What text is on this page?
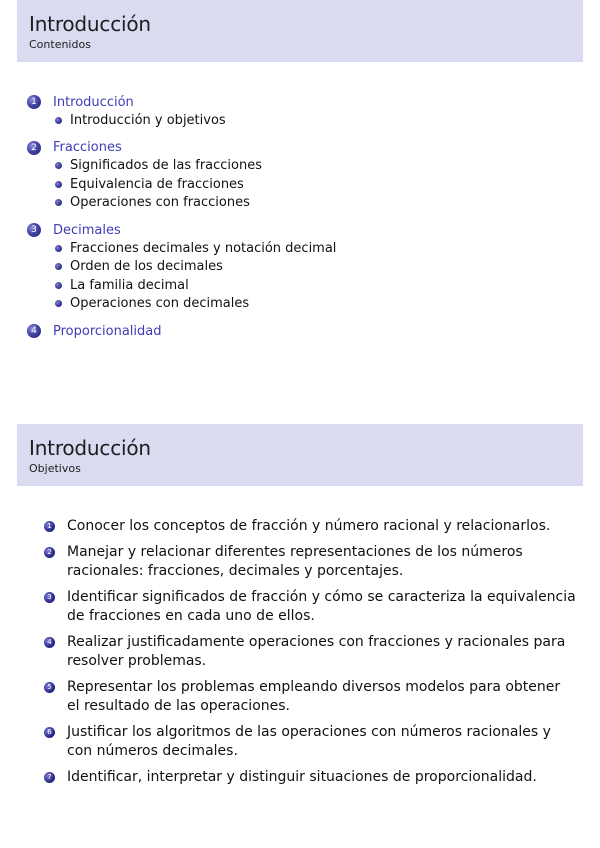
Introducción
Contenidos
1	Introducción
Introducción y objetivos
2	Fracciones
Significados de las fracciones
Equivalencia de fracciones
Operaciones con fracciones
3	Decimales
Fracciones decimales y notación decimal
Orden de los decimales
La familia decimal
Operaciones con decimales
4	Proporcionalidad
Introducción
Objetivos
1 Conocer los conceptos de fracción y número racional y relacionarlos.
2 Manejar y relacionar diferentes representaciones de los números racionales: fracciones, decimales y porcentajes.
3 Identificar significados de fracción y cómo se caracteriza la equivalencia de fracciones en cada uno de ellos.
4 Realizar justificadamente operaciones con fracciones y racionales para resolver problemas.
5 Representar los problemas empleando diversos modelos para obtener el resultado de las operaciones.
6 Justificar los algoritmos de las operaciones con números racionales y con números decimales.
7 Identificar, interpretar y distinguir situaciones de proporcionalidad.
